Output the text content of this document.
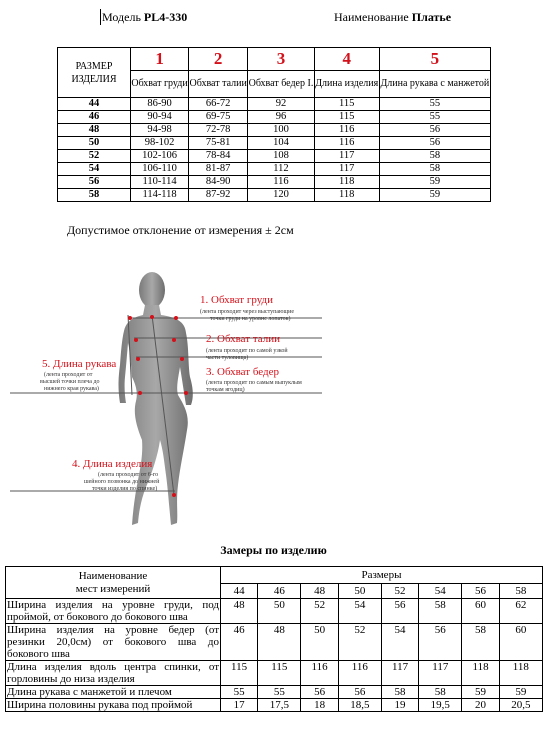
Модель PL4-330	Наименование Платье
РАЗМЕР ИЗДЕЛИЯ	1	2	3	4	5
	Обхват груди	Обхват талии	Обхват бедер I.	Длина изделия	Длина рукава с манжетой
44	86-90	66-72	92	115	55
46	90-94	69-75	96	115	55
48	94-98	72-78	100	116	56
50	98-102	75-81	104	116	56
52	102-106	78-84	108	117	58
54	106-110	81-87	112	117	58
56	110-114	84-90	116	118	59
58	114-118	87-92	120	118	59
Допустимое отклонение от измерения ± 2см
1. Обхват груди
(лента проходит через выступающие
точки груди на уровне лопаток)
2. Обхват талии
(лента проходит по самой узкой
части туловища)
3. Обхват бедер
(лента проходит по самым выпуклым
точкам ягодиц)
5. Длина рукава
(лента проходит от
высшей точки плеча до
нижнего края рукава)
4. Длина изделия
(лента проходит от 6-го
шейного позвонка до нижней
точки изделия по спинке)
Замеры по изделию
Наименование
мест измерений	Размеры							
	44	46	48	50	52	54	56	58
Ширина изделия на уровне груди, под проймой, от бокового до бокового шва	48	50	52	54	56	58	60	62
Ширина изделия на уровне бедер (от резинки 20,0см) от бокового шва до бокового шва	46	48	50	52	54	56	58	60
Длина изделия вдоль центра спинки, от горловины до низа изделия	115	115	116	116	117	117	118	118
Длина рукава с манжетой и плечом	55	55	56	56	58	58	59	59
Ширина половины рукава под проймой	17	17,5	18	18,5	19	19,5	20	20,5
